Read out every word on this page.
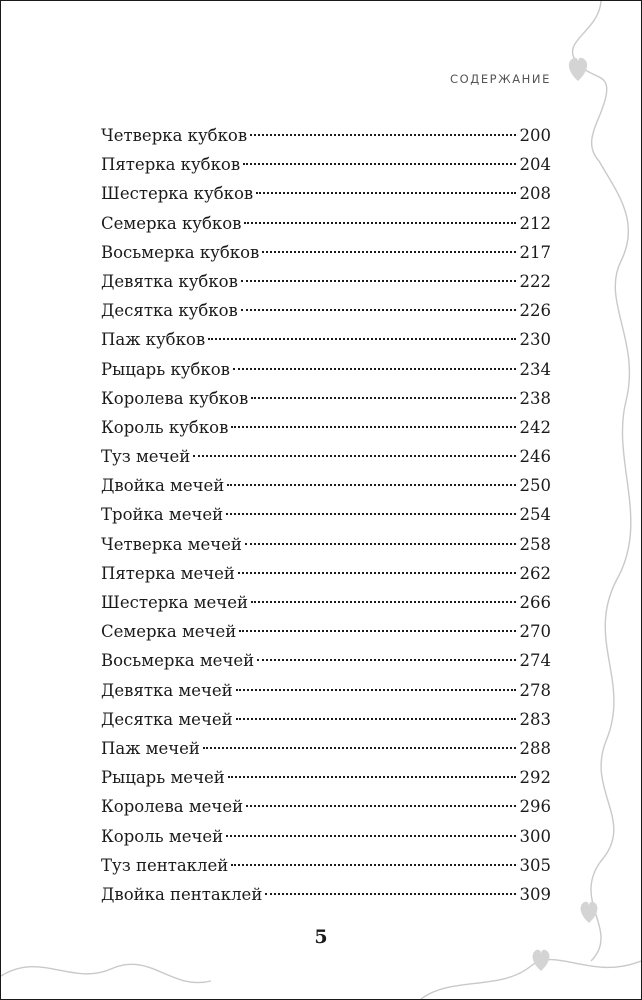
СОДЕРЖАНИЕ
Четверка кубков	200
Пятерка кубков	204
Шестерка кубков	208
Семерка кубков	212
Восьмерка кубков	217
Девятка кубков	222
Десятка кубков	226
Паж кубков	230
Рыцарь кубков	234
Королева кубков	238
Король кубков	242
Туз мечей	246
Двойка мечей	250
Тройка мечей	254
Четверка мечей	258
Пятерка мечей	262
Шестерка мечей	266
Семерка мечей	270
Восьмерка мечей	274
Девятка мечей	278
Десятка мечей	283
Паж мечей	288
Рыцарь мечей	292
Королева мечей	296
Король мечей	300
Туз пентаклей	305
Двойка пентаклей	309
5
